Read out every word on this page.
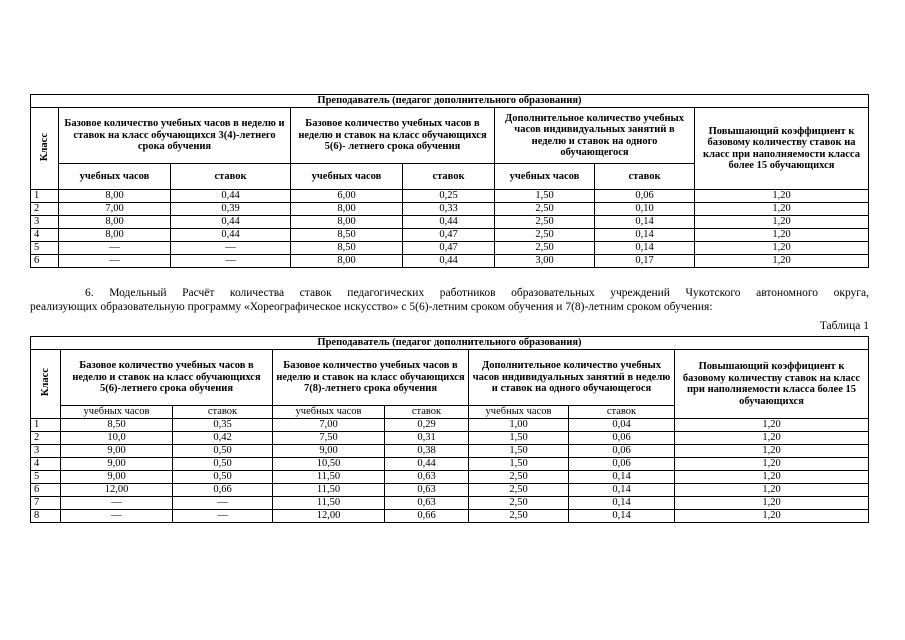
Преподаватель (педагог дополнительного образования)							
Класс	Базовое количество учебных часов в неделю и ставок на класс обучающихся 3(4)-летнего срока обучения		Базовое количество учебных часов в неделю и ставок на класс обучающихся 5(6)- летнего срока обучения		Дополнительное количество учебных часов индивидуальных занятий в неделю и ставок на одного обучающегося		Повышающий коэффициент к базовому количеству ставок на класс при наполняемости класса более 15 обучающихся
	учебных часов	ставок	учебных часов	ставок	учебных часов	ставок	
1	8,00	0,44	6,00	0,25	1,50	0,06	1,20
2	7,00	0,39	8,00	0,33	2,50	0,10	1,20
3	8,00	0,44	8,00	0,44	2,50	0,14	1,20
4	8,00	0,44	8,50	0,47	2,50	0,14	1,20
5	—	—	8,50	0,47	2,50	0,14	1,20
6	—	—	8,00	0,44	3,00	0,17	1,20
6. Модельный Расчёт количества ставок педагогических работников образовательных учреждений Чукотского автономного округа,
реализующих образовательную программу «Хореографическое искусство» с 5(6)-летним сроком обучения и 7(8)-летним сроком обучения:
Таблица 1
Преподаватель (педагог дополнительного образования)							
Класс	Базовое количество учебных часов в неделю и ставок на класс обучающихся 5(6)-летнего срока обучения		Базовое количество учебных часов в неделю и ставок на класс обучающихся 7(8)-летнего срока обучения		Дополнительное количество учебных часов индивидуальных занятий в неделю и ставок на одного обучающегося		Повышающий коэффициент к базовому количеству ставок на класс при наполняемости класса более 15 обучающихся
	учебных часов	ставок	учебных часов	ставок	учебных часов	ставок	
1	8,50	0,35	7,00	0,29	1,00	0,04	1,20
2	10,0	0,42	7,50	0,31	1,50	0,06	1,20
3	9,00	0,50	9,00	0,38	1,50	0,06	1,20
4	9,00	0,50	10,50	0,44	1,50	0,06	1,20
5	9,00	0,50	11,50	0,63	2,50	0,14	1,20
6	12,00	0,66	11,50	0,63	2,50	0,14	1,20
7	—	—	11,50	0,63	2,50	0,14	1,20
8	—	—	12,00	0,66	2,50	0,14	1,20
